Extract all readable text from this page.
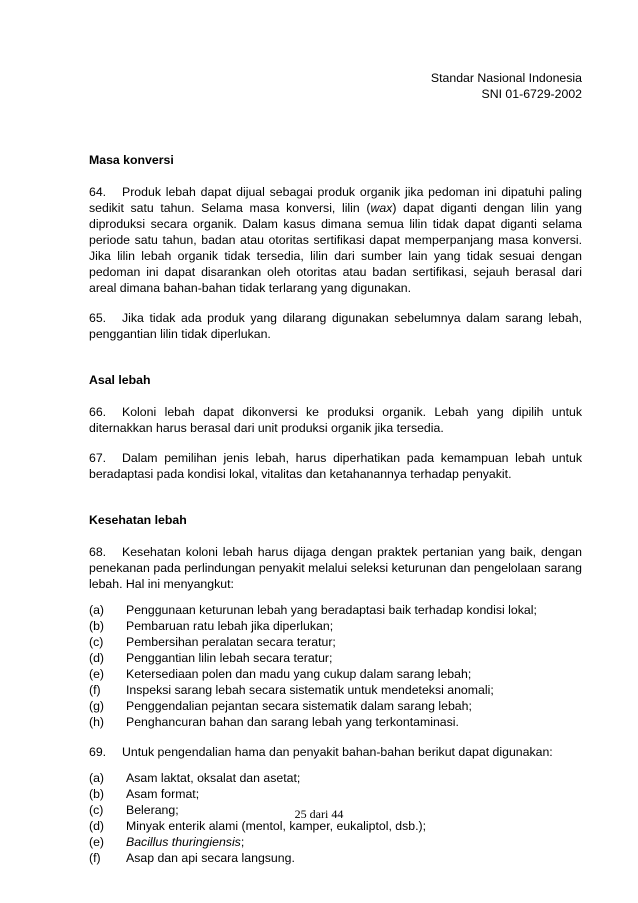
Standar Nasional Indonesia
SNI 01-6729-2002
Masa konversi
64. Produk lebah dapat dijual sebagai produk organik jika pedoman ini dipatuhi paling sedikit satu tahun. Selama masa konversi, lilin (wax) dapat diganti dengan lilin yang diproduksi secara organik. Dalam kasus dimana semua lilin tidak dapat diganti selama periode satu tahun, badan atau otoritas sertifikasi dapat memperpanjang masa konversi. Jika lilin lebah organik tidak tersedia, lilin dari sumber lain yang tidak sesuai dengan pedoman ini dapat disarankan oleh otoritas atau badan sertifikasi, sejauh berasal dari areal dimana bahan-bahan tidak terlarang yang digunakan.
65. Jika tidak ada produk yang dilarang digunakan sebelumnya dalam sarang lebah, penggantian lilin tidak diperlukan.
Asal lebah
66. Koloni lebah dapat dikonversi ke produksi organik. Lebah yang dipilih untuk diternakkan harus berasal dari unit produksi organik jika tersedia.
67. Dalam pemilihan jenis lebah, harus diperhatikan pada kemampuan lebah untuk beradaptasi pada kondisi lokal, vitalitas dan ketahanannya terhadap penyakit.
Kesehatan lebah
68. Kesehatan koloni lebah harus dijaga dengan praktek pertanian yang baik, dengan penekanan pada perlindungan penyakit melalui seleksi keturunan dan pengelolaan sarang lebah. Hal ini menyangkut:
(a)	Penggunaan keturunan lebah yang beradaptasi baik terhadap kondisi lokal;
(b)	Pembaruan ratu lebah jika diperlukan;
(c)	Pembersihan peralatan secara teratur;
(d)	Penggantian lilin lebah secara teratur;
(e)	Ketersediaan polen dan madu yang cukup dalam sarang lebah;
(f)	Inspeksi sarang lebah secara sistematik untuk mendeteksi anomali;
(g)	Penggendalian pejantan secara sistematik dalam sarang lebah;
(h)	Penghancuran bahan dan sarang lebah yang terkontaminasi.
69. Untuk pengendalian hama dan penyakit bahan-bahan berikut dapat digunakan:
(a)	Asam laktat, oksalat dan asetat;
(b)	Asam format;
(c)	Belerang;
(d)	Minyak enterik alami (mentol, kamper, eukaliptol, dsb.);
(e)	Bacillus thuringiensis;
(f)	Asap dan api secara langsung.
25 dari 44
